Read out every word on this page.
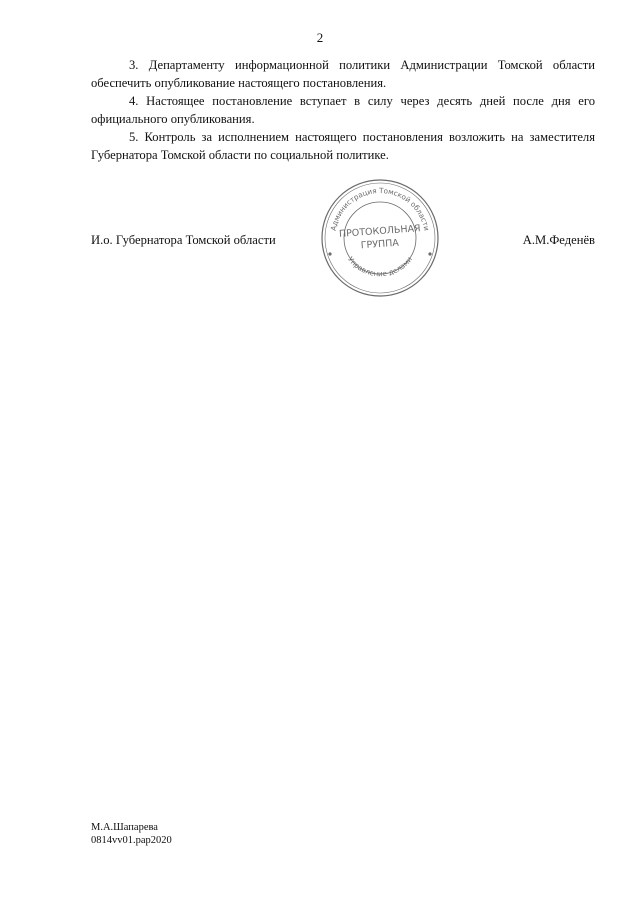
2

3. Департаменту информационной политики Администрации Томской области обеспечить опубликование настоящего постановления.

4. Настоящее постановление вступает в силу через десять дней после дня его официального опубликования.

5. Контроль за исполнением настоящего постановления возложить на заместителя Губернатора Томской области по социальной политике.

И.о. Губернатора Томской области	А.М.Феденёв
Администрация Томской области
Управление делами
ПРОТОКОЛЬНАЯ
ГРУППА
М.А.Шапарева
0814vv01.pap2020
